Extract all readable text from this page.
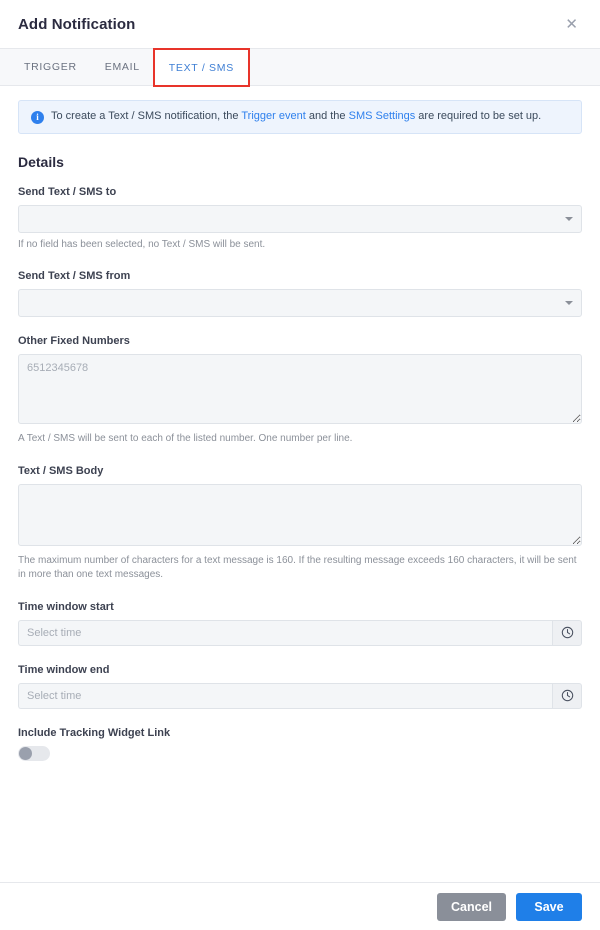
Add Notification	✕
TRIGGER	EMAIL	TEXT / SMS
i	To create a Text / SMS notification, the Trigger event and the SMS Settings are required to be set up.
Details
Send Text / SMS to
If no field has been selected, no Text / SMS will be sent.
Send Text / SMS from
Other Fixed Numbers
6512345678
A Text / SMS will be sent to each of the listed number. One number per line.
Text / SMS Body
The maximum number of characters for a text message is 160. If the resulting message exceeds 160 characters, it will be sent in more than one text messages.
Time window start
Select time
Time window end
Select time
Include Tracking Widget Link
Cancel	Save
